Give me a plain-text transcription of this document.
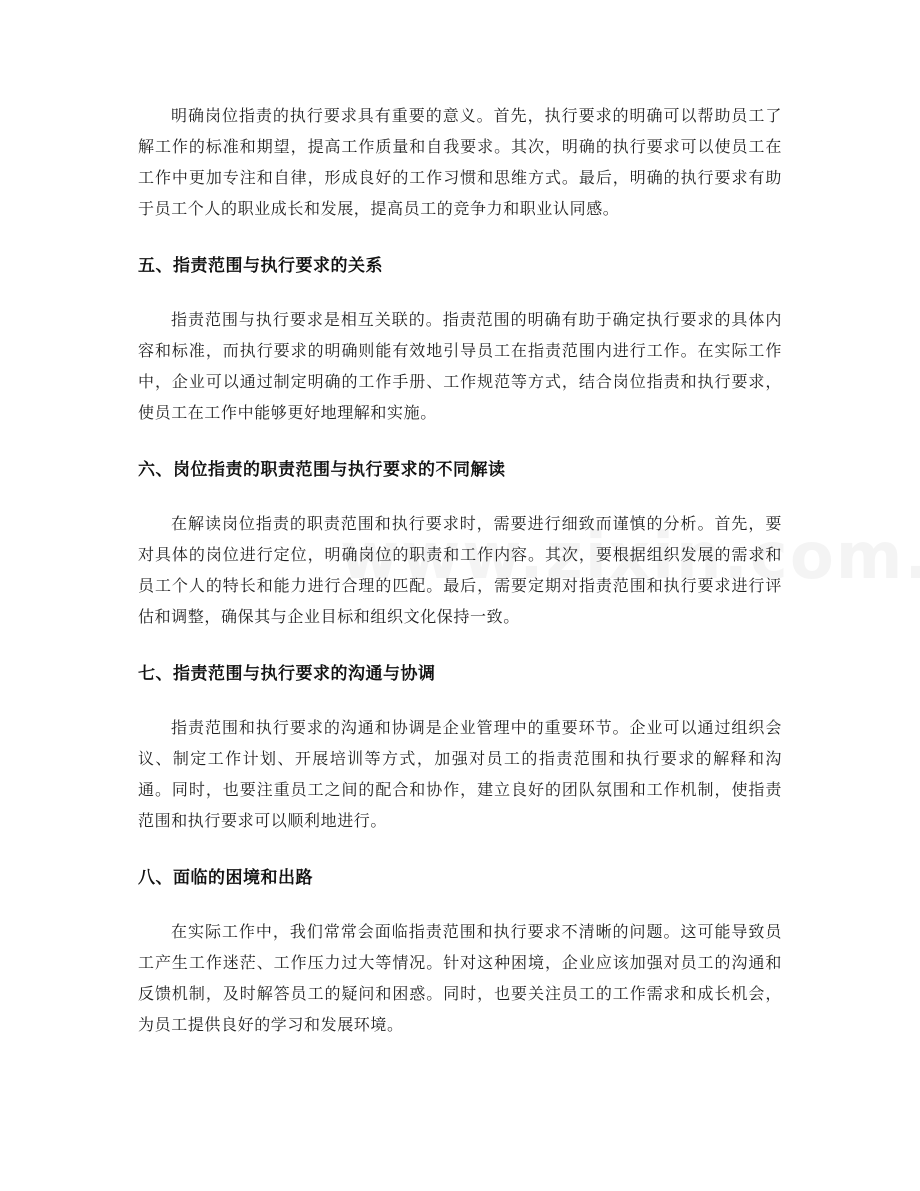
明确岗位指责的执行要求具有重要的意义。首先，执行要求的明确可以帮助员工了解工作的标准和期望，提高工作质量和自我要求。其次，明确的执行要求可以使员工在工作中更加专注和自律，形成良好的工作习惯和思维方式。最后，明确的执行要求有助于员工个人的职业成长和发展，提高员工的竞争力和职业认同感。

五、指责范围与执行要求的关系

指责范围与执行要求是相互关联的。指责范围的明确有助于确定执行要求的具体内容和标准，而执行要求的明确则能有效地引导员工在指责范围内进行工作。在实际工作中，企业可以通过制定明确的工作手册、工作规范等方式，结合岗位指责和执行要求，使员工在工作中能够更好地理解和实施。

六、岗位指责的职责范围与执行要求的不同解读

在解读岗位指责的职责范围和执行要求时，需要进行细致而谨慎的分析。首先，要对具体的岗位进行定位，明确岗位的职责和工作内容。其次，要根据组织发展的需求和员工个人的特长和能力进行合理的匹配。最后，需要定期对指责范围和执行要求进行评估和调整，确保其与企业目标和组织文化保持一致。

七、指责范围与执行要求的沟通与协调

指责范围和执行要求的沟通和协调是企业管理中的重要环节。企业可以通过组织会议、制定工作计划、开展培训等方式，加强对员工的指责范围和执行要求的解释和沟通。同时，也要注重员工之间的配合和协作，建立良好的团队氛围和工作机制，使指责范围和执行要求可以顺利地进行。

八、面临的困境和出路

在实际工作中，我们常常会面临指责范围和执行要求不清晰的问题。这可能导致员工产生工作迷茫、工作压力过大等情况。针对这种困境，企业应该加强对员工的沟通和反馈机制，及时解答员工的疑问和困惑。同时，也要关注员工的工作需求和成长机会，为员工提供良好的学习和发展环境。
